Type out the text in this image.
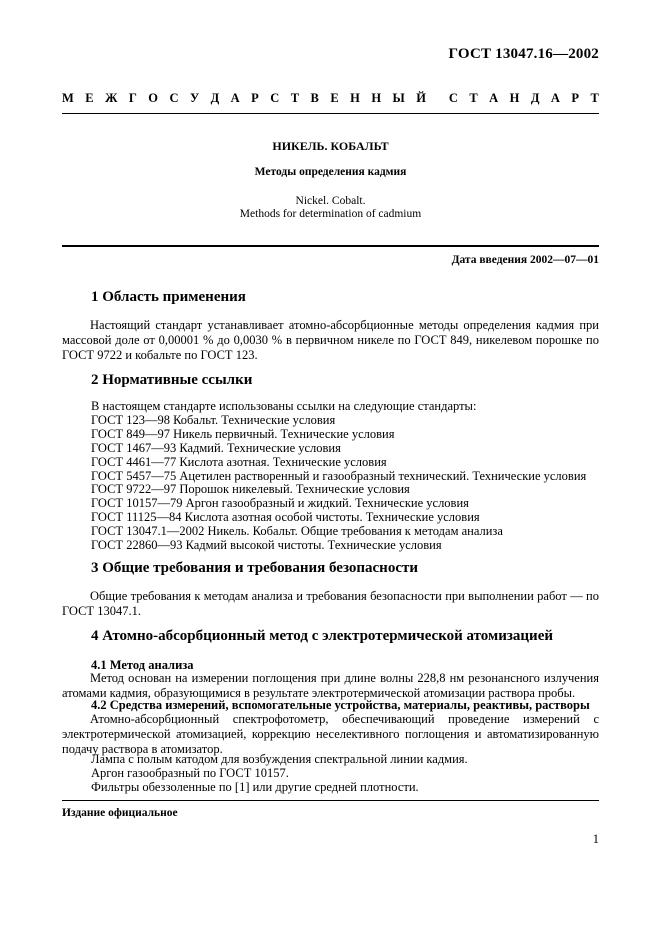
ГОСТ 13047.16—2002
М Е Ж Г О С У Д А Р С Т В Е Н Н Ы Й С Т А Н Д А Р Т
НИКЕЛЬ. КОБАЛЬТ
Методы определения кадмия
Nickel. Cobalt.
Methods for determination of cadmium
Дата введения 2002—07—01
1 Область применения
Настоящий стандарт устанавливает атомно-абсорбционные методы определения кадмия при массовой доле от 0,00001 % до 0,0030 % в первичном никеле по ГОСТ 849, никелевом порошке по ГОСТ 9722 и кобальте по ГОСТ 123.
2 Нормативные ссылки
В настоящем стандарте использованы ссылки на следующие стандарты:
ГОСТ 123—98 Кобальт. Технические условия
ГОСТ 849—97 Никель первичный. Технические условия
ГОСТ 1467—93 Кадмий. Технические условия
ГОСТ 4461—77 Кислота азотная. Технические условия
ГОСТ 5457—75 Ацетилен растворенный и газообразный технический. Технические условия
ГОСТ 9722—97 Порошок никелевый. Технические условия
ГОСТ 10157—79 Аргон газообразный и жидкий. Технические условия
ГОСТ 11125—84 Кислота азотная особой чистоты. Технические условия
ГОСТ 13047.1—2002 Никель. Кобальт. Общие требования к методам анализа
ГОСТ 22860—93 Кадмий высокой чистоты. Технические условия
3 Общие требования и требования безопасности
Общие требования к методам анализа и требования безопасности при выполнении работ — по ГОСТ 13047.1.
4 Атомно-абсорбционный метод с электротермической атомизацией
4.1 Метод анализа
Метод основан на измерении поглощения при длине волны 228,8 нм резонансного излучения атомами кадмия, образующимися в результате электротермической атомизации раствора пробы.
4.2 Средства измерений, вспомогательные устройства, материалы, реактивы, растворы
Атомно-абсорбционный спектрофотометр, обеспечивающий проведение измерений с электротермической атомизацией, коррекцию неселективного поглощения и автоматизированную подачу раствора в атомизатор.
Лампа с полым катодом для возбуждения спектральной линии кадмия.
Аргон газообразный по ГОСТ 10157.
Фильтры обеззоленные по [1] или другие средней плотности.
Издание официальное
1
